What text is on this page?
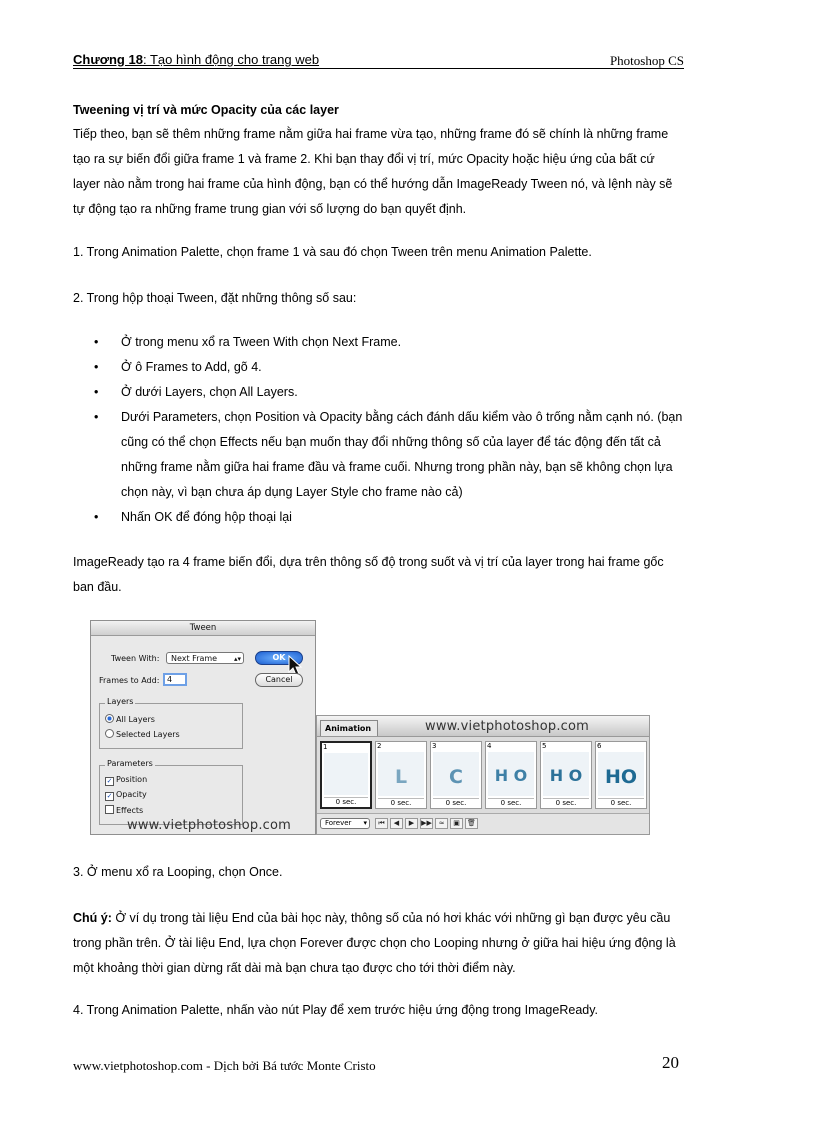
Chương 18: Tạo hình động cho trang web	Photoshop CS
Tweening vị trí và mức Opacity của các layer
Tiếp theo, bạn sẽ thêm những frame nằm giữa hai frame vừa tạo, những frame đó sẽ chính là những frame tạo ra sự biến đổi giữa frame 1 và frame 2. Khi bạn thay đổi vị trí, mức Opacity hoặc hiệu ứng của bất cứ layer nào nằm trong hai frame của hình động, bạn có thể hướng dẫn ImageReady Tween nó, và lệnh này sẽ tự động tạo ra những frame trung gian với số lượng do bạn quyết định.
1. Trong Animation Palette, chọn frame 1 và sau đó chọn Tween trên menu Animation Palette.
2. Trong hộp thoại Tween, đặt những thông số sau:
• Ở trong menu xổ ra Tween With chọn Next Frame.
• Ở ô Frames to Add, gõ 4.
• Ở dưới Layers, chọn All Layers.
• Dưới Parameters, chọn Position và Opacity bằng cách đánh dấu kiểm vào ô trống nằm cạnh nó. (bạn cũng có thể chọn Effects nếu bạn muốn thay đổi những thông số của layer để tác động đến tất cả những frame nằm giữa hai frame đầu và frame cuối. Nhưng trong phần này, bạn sẽ không chọn lựa chọn này, vì bạn chưa áp dụng Layer Style cho frame nào cả)
• Nhấn OK để đóng hộp thoại lại
ImageReady tạo ra 4 frame biến đổi, dựa trên thông số độ trong suốt và vị trí của layer trong hai frame gốc ban đầu.
Tween
Tween With:	Next Frame ▴▾	OK
Frames to Add: 4	Cancel
Layers
All Layers
Selected Layers
Parameters
✓ Position
✓ Opacity
Effects
www.vietphotoshop.com
Animation	www.vietphotoshop.com
1
0 sec.
2
L
0 sec.
3
C
0 sec.
4
H O
0 sec.
5
H O
0 sec.
6
HO
0 sec.
Forever ▾	⏮	◀	▶ ▶▶ ≈	▣	🗑
3. Ở menu xổ ra Looping, chọn Once.
Chú ý: Ở ví dụ trong tài liệu End của bài học này, thông số của nó hơi khác với những gì bạn được yêu cầu trong phần trên. Ở tài liệu End, lựa chọn Forever được chọn cho Looping nhưng ở giữa hai hiệu ứng động là một khoảng thời gian dừng rất dài mà bạn chưa tạo được cho tới thời điểm này.
4. Trong Animation Palette, nhấn vào nút Play để xem trước hiệu ứng động trong ImageReady.
www.vietphotoshop.com - Dịch bởi Bá tước Monte Cristo	20
